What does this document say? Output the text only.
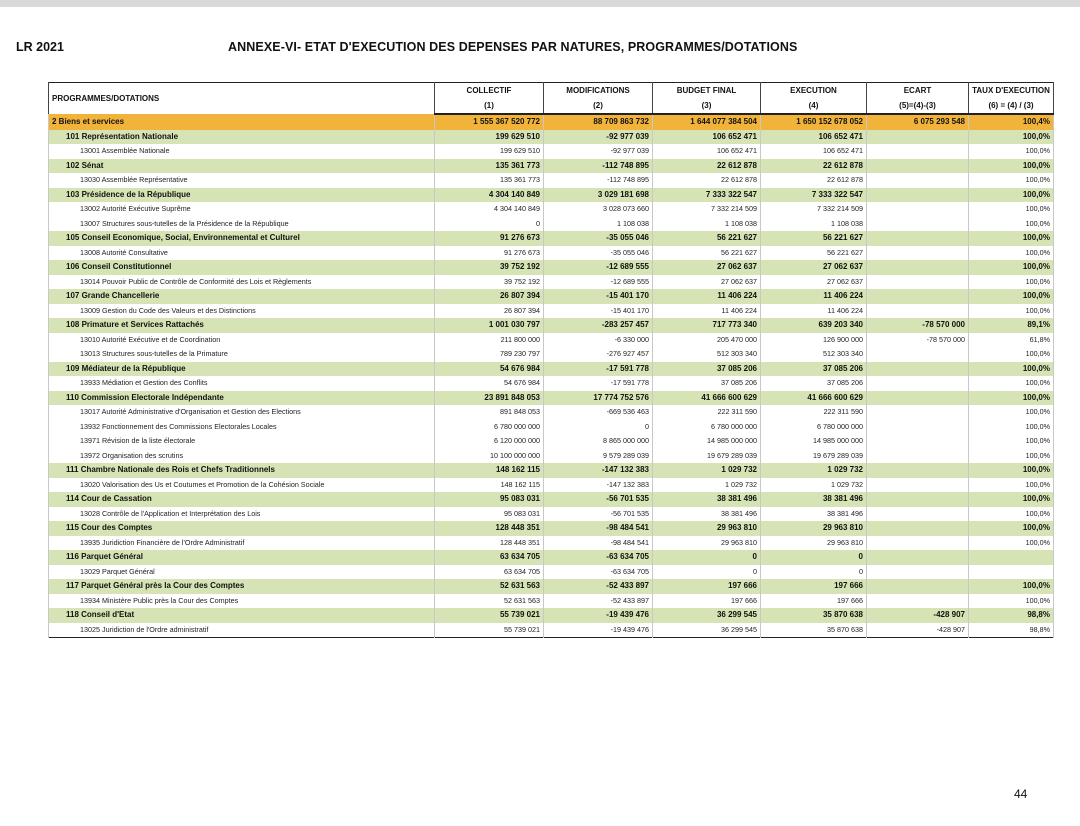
LR 2021	ANNEXE-VI- ETAT D'EXECUTION DES DEPENSES PAR NATURES, PROGRAMMES/DOTATIONS
PROGRAMMES/DOTATIONS	COLLECTIF	MODIFICATIONS	BUDGET FINAL	EXECUTION	ECART	TAUX D'EXECUTION
	(1)	(2)	(3)	(4)	(5)=(4)-(3)	(6) = (4) / (3)
2 Biens et services	1 555 367 520 772	88 709 863 732	1 644 077 384 504	1 650 152 678 052	6 075 293 548	100,4%
101 Représentation Nationale	199 629 510	-92 977 039	106 652 471	106 652 471		100,0%
13001 Assemblée Nationale	199 629 510	-92 977 039	106 652 471	106 652 471		100,0%
102 Sénat	135 361 773	-112 748 895	22 612 878	22 612 878		100,0%
13030 Assemblée Représentative	135 361 773	-112 748 895	22 612 878	22 612 878		100,0%
103 Présidence de la République	4 304 140 849	3 029 181 698	7 333 322 547	7 333 322 547		100,0%
13002 Autorité Exécutive Suprême	4 304 140 849	3 028 073 660	7 332 214 509	7 332 214 509		100,0%
13007 Structures sous-tutelles de la Présidence de la République	0	1 108 038	1 108 038	1 108 038		100,0%
105 Conseil Economique, Social, Environnemental et Culturel	91 276 673	-35 055 046	56 221 627	56 221 627		100,0%
13008 Autorité Consultative	91 276 673	-35 055 046	56 221 627	56 221 627		100,0%
106 Conseil Constitutionnel	39 752 192	-12 689 555	27 062 637	27 062 637		100,0%
13014 Pouvoir Public de Contrôle de Conformité des Lois et Règlements	39 752 192	-12 689 555	27 062 637	27 062 637		100,0%
107 Grande Chancellerie	26 807 394	-15 401 170	11 406 224	11 406 224		100,0%
13009 Gestion du Code des Valeurs et des Distinctions	26 807 394	-15 401 170	11 406 224	11 406 224		100,0%
108 Primature et Services Rattachés	1 001 030 797	-283 257 457	717 773 340	639 203 340	-78 570 000	89,1%
13010 Autorité Exécutive et de Coordination	211 800 000	-6 330 000	205 470 000	126 900 000	-78 570 000	61,8%
13013 Structures sous-tutelles de la Primature	789 230 797	-276 927 457	512 303 340	512 303 340		100,0%
109 Médiateur de la République	54 676 984	-17 591 778	37 085 206	37 085 206		100,0%
13933 Médiation et Gestion des Conflits	54 676 984	-17 591 778	37 085 206	37 085 206		100,0%
110 Commission Electorale Indépendante	23 891 848 053	17 774 752 576	41 666 600 629	41 666 600 629		100,0%
13017 Autorité Administrative d'Organisation et Gestion des Elections	891 848 053	-669 536 463	222 311 590	222 311 590		100,0%
13932 Fonctionnement des Commissions Electorales Locales	6 780 000 000	0	6 780 000 000	6 780 000 000		100,0%
13971 Révision de la liste électorale	6 120 000 000	8 865 000 000	14 985 000 000	14 985 000 000		100,0%
13972 Organisation des scrutins	10 100 000 000	9 579 289 039	19 679 289 039	19 679 289 039		100,0%
111 Chambre Nationale des Rois et Chefs Traditionnels	148 162 115	-147 132 383	1 029 732	1 029 732		100,0%
13020 Valorisation des Us et Coutumes et Promotion de la Cohésion Sociale	148 162 115	-147 132 383	1 029 732	1 029 732		100,0%
114 Cour de Cassation	95 083 031	-56 701 535	38 381 496	38 381 496		100,0%
13028 Contrôle de l'Application et Interprétation des Lois	95 083 031	-56 701 535	38 381 496	38 381 496		100,0%
115 Cour des Comptes	128 448 351	-98 484 541	29 963 810	29 963 810		100,0%
13935 Juridiction Financière de l'Ordre Administratif	128 448 351	-98 484 541	29 963 810	29 963 810		100,0%
116 Parquet Général	63 634 705	-63 634 705	0	0		
13029 Parquet Général	63 634 705	-63 634 705	0	0		
117 Parquet Général près la Cour des Comptes	52 631 563	-52 433 897	197 666	197 666		100,0%
13934 Ministère Public près la Cour des Comptes	52 631 563	-52 433 897	197 666	197 666		100,0%
118 Conseil d'Etat	55 739 021	-19 439 476	36 299 545	35 870 638	-428 907	98,8%
13025 Juridiction de l'Ordre administratif	55 739 021	-19 439 476	36 299 545	35 870 638	-428 907	98,8%
44
